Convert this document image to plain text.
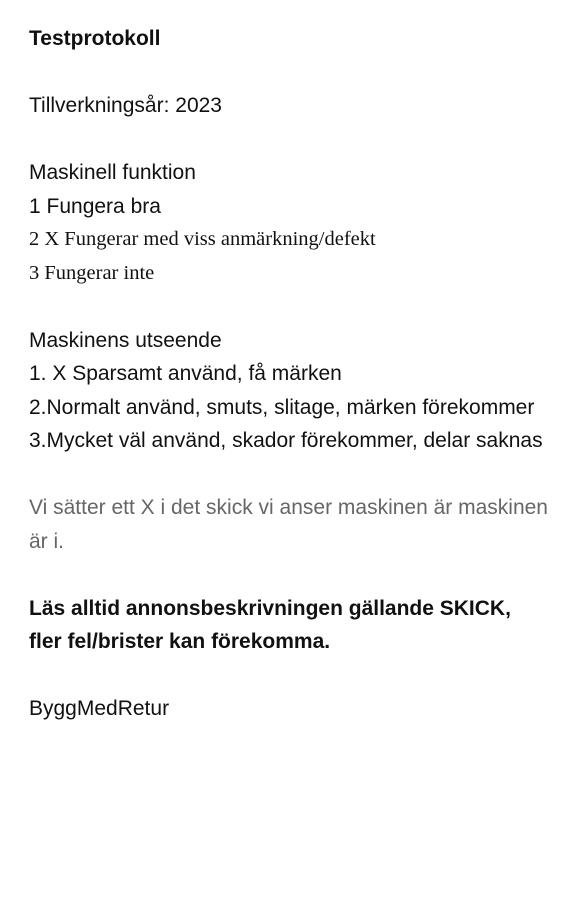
Testprotokoll
Tillverkningsår: 2023
Maskinell funktion
1 Fungera bra
2 X Fungerar med viss anmärkning/defekt
3 Fungerar inte
Maskinens utseende
1. X Sparsamt använd, få märken
2.Normalt använd, smuts, slitage, märken förekommer
3.Mycket väl använd, skador förekommer, delar saknas
Vi sätter ett X i det skick vi anser maskinen är maskinen är i.
Läs alltid annonsbeskrivningen gällande SKICK, fler fel/brister kan förekomma.
ByggMedRetur
